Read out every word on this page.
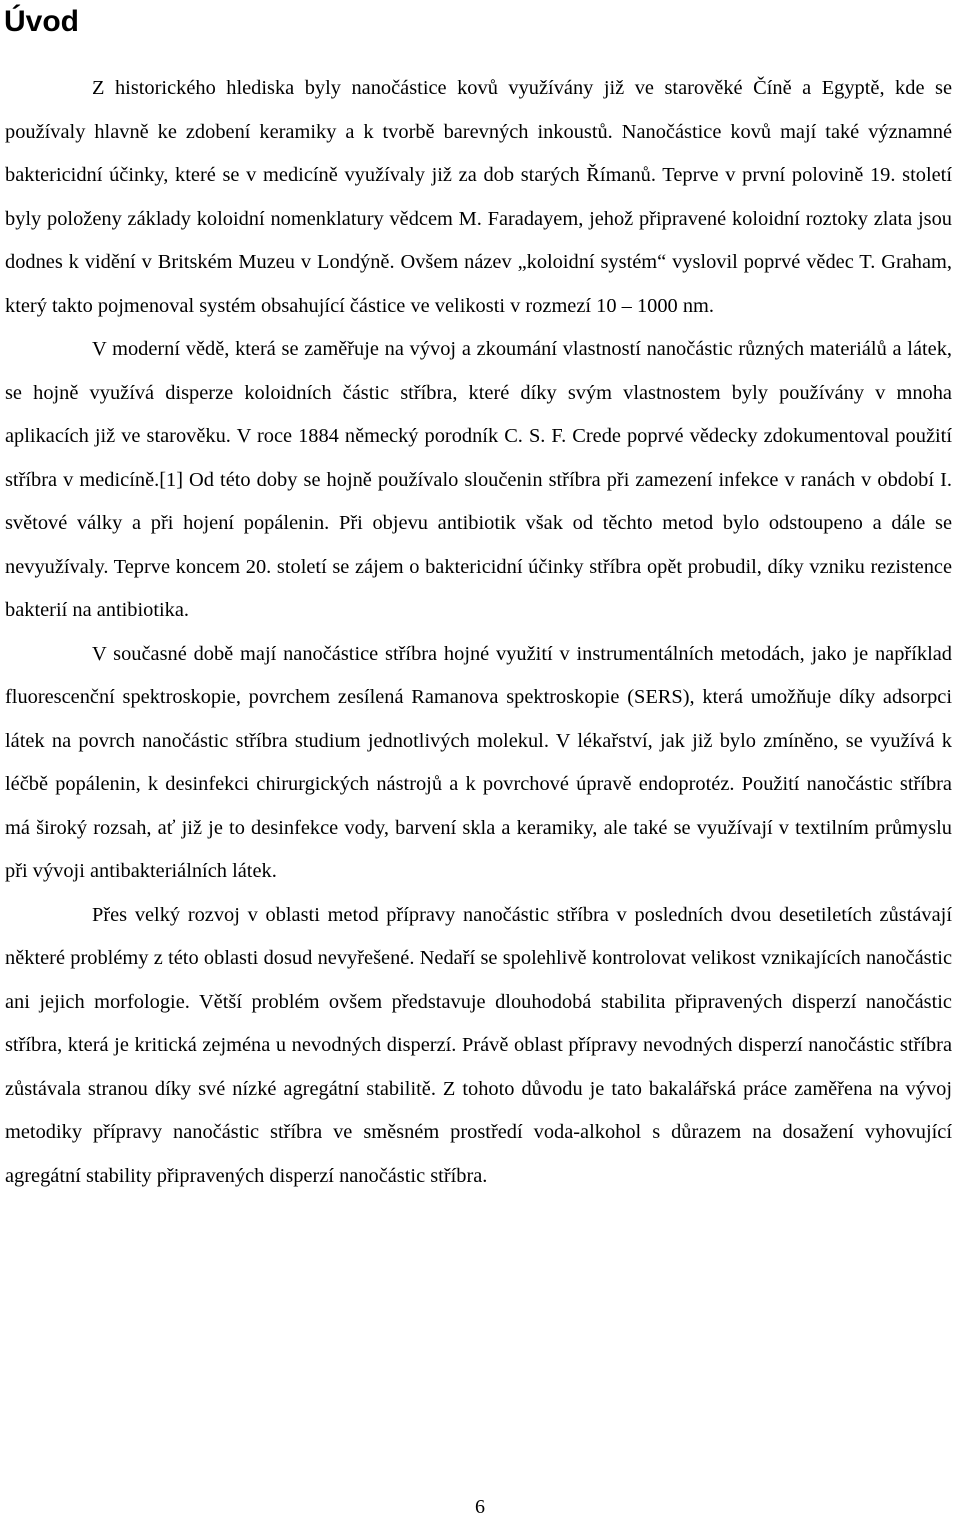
Úvod

Z historického hlediska byly nanočástice kovů využívány již ve starověké Číně a Egyptě, kde se používaly hlavně ke zdobení keramiky a k tvorbě barevných inkoustů. Nanočástice kovů mají také významné baktericidní účinky, které se v medicíně využívaly již za dob starých Římanů. Teprve v první polovině 19. století byly položeny základy koloidní nomenklatury vědcem M. Faradayem, jehož připravené koloidní roztoky zlata jsou dodnes k vidění v Britském Muzeu v Londýně. Ovšem název „koloidní systém“ vyslovil poprvé vědec T. Graham, který takto pojmenoval systém obsahující částice ve velikosti v rozmezí 10 – 1000 nm.

V moderní vědě, která se zaměřuje na vývoj a zkoumání vlastností nanočástic různých materiálů a látek, se hojně využívá disperze koloidních částic stříbra, které díky svým vlastnostem byly používány v mnoha aplikacích již ve starověku. V roce 1884 německý porodník C. S. F. Crede poprvé vědecky zdokumentoval použití stříbra v medicíně.[1] Od této doby se hojně používalo sloučenin stříbra při zamezení infekce v ranách v období I. světové války a při hojení popálenin. Při objevu antibiotik však od těchto metod bylo odstoupeno a dále se nevyužívaly. Teprve koncem 20. století se zájem o baktericidní účinky stříbra opět probudil, díky vzniku rezistence bakterií na antibiotika.

V současné době mají nanočástice stříbra hojné využití v instrumentálních metodách, jako je například fluorescenční spektroskopie, povrchem zesílená Ramanova spektroskopie (SERS), která umožňuje díky adsorpci látek na povrch nanočástic stříbra studium jednotlivých molekul. V lékařství, jak již bylo zmíněno, se využívá k léčbě popálenin, k desinfekci chirurgických nástrojů a k povrchové úpravě endoprotéz. Použití nanočástic stříbra má široký rozsah, ať již je to desinfekce vody, barvení skla a keramiky, ale také se využívají v textilním průmyslu při vývoji antibakteriálních látek.

Přes velký rozvoj v oblasti metod přípravy nanočástic stříbra v posledních dvou desetiletích zůstávají některé problémy z této oblasti dosud nevyřešené. Nedaří se spolehlivě kontrolovat velikost vznikajících nanočástic ani jejich morfologie. Větší problém ovšem představuje dlouhodobá stabilita připravených disperzí nanočástic stříbra, která je kritická zejména u nevodných disperzí. Právě oblast přípravy nevodných disperzí nanočástic stříbra zůstávala stranou díky své nízké agregátní stabilitě. Z tohoto důvodu je tato bakalářská práce zaměřena na vývoj metodiky přípravy nanočástic stříbra ve směsném prostředí voda-alkohol s důrazem na dosažení vyhovující agregátní stability připravených disperzí nanočástic stříbra.

6
